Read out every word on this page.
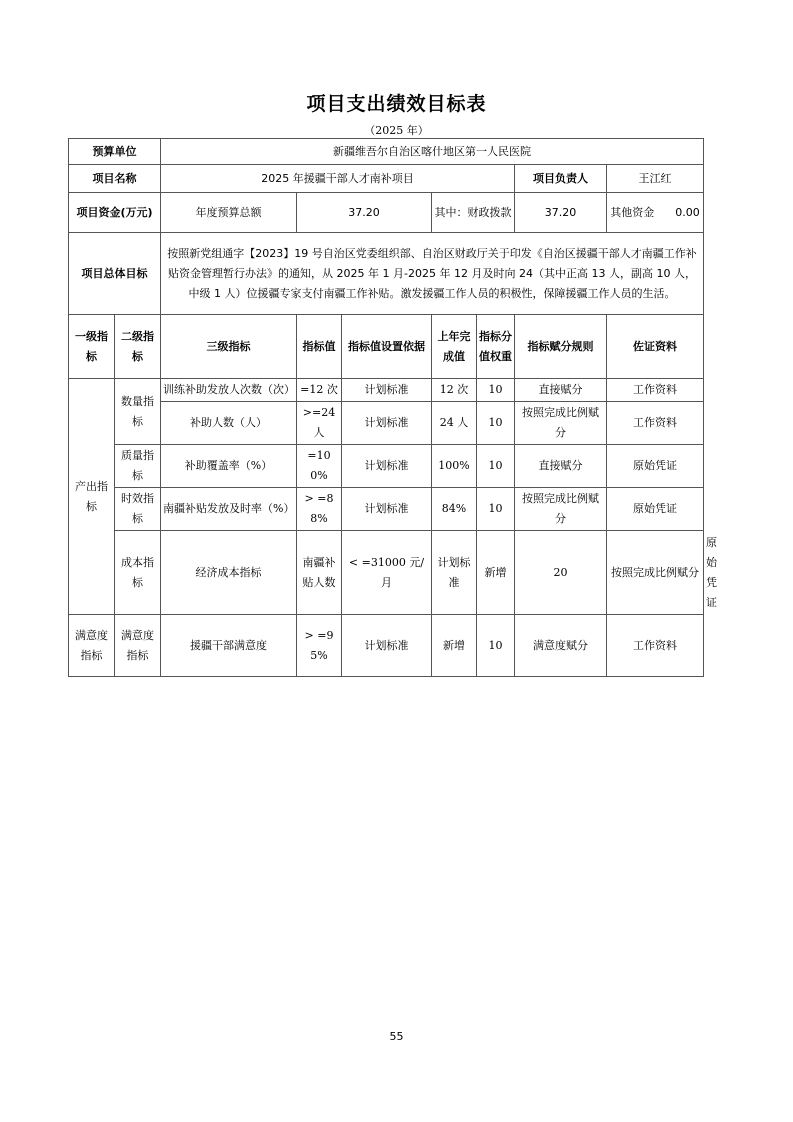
项目支出绩效目标表
（2025 年）
预算单位		新疆维吾尔自治区喀什地区第一人民医院							
项目名称		2025 年援疆干部人才南补项目					项目负责人	王江红	
项目资金(万元)		年度预算总额	37.20		其中：财政拨款		37.20	其他资金 0.00	
项目总体目标		按照新党组通字【2023】19 号自治区党委组织部、自治区财政厅关于印发《自治区援疆干部人才南疆工作补贴资金管理暂行办法》的通知，从 2025 年 1 月-2025 年 12 月及时向 24（其中正高 13 人，副高 10 人，中级 1 人）位援疆专家支付南疆工作补贴。激发援疆工作人员的积极性，保障援疆工作人员的生活。							
一级指标	二级指标	三级指标	指标值	指标值设置依据	上年完成值	指标分值权重	指标赋分规则	佐证资料	
产出指标	数量指标	训练补助发放人次数（次）	=12 次	计划标准	12 次	10	直接赋分	工作资料	
		补助人数（人）	>=24 人	计划标准	24 人	10	按照完成比例赋分	工作资料	
	质量指标	补助覆盖率（%）	=100%	计划标准	100%	10	直接赋分	原始凭证	
	时效指标	南疆补贴发放及时率（%）	> =88%	计划标准	84%	10	按照完成比例赋分	原始凭证	
	成本指标	经济成本指标	南疆补贴人数	< =31000 元/月	计划标准	新增	20	按照完成比例赋分	原始凭证
满意度指标	满意度指标	援疆干部满意度	> =95%	计划标准	新增	10	满意度赋分	工作资料	
55
